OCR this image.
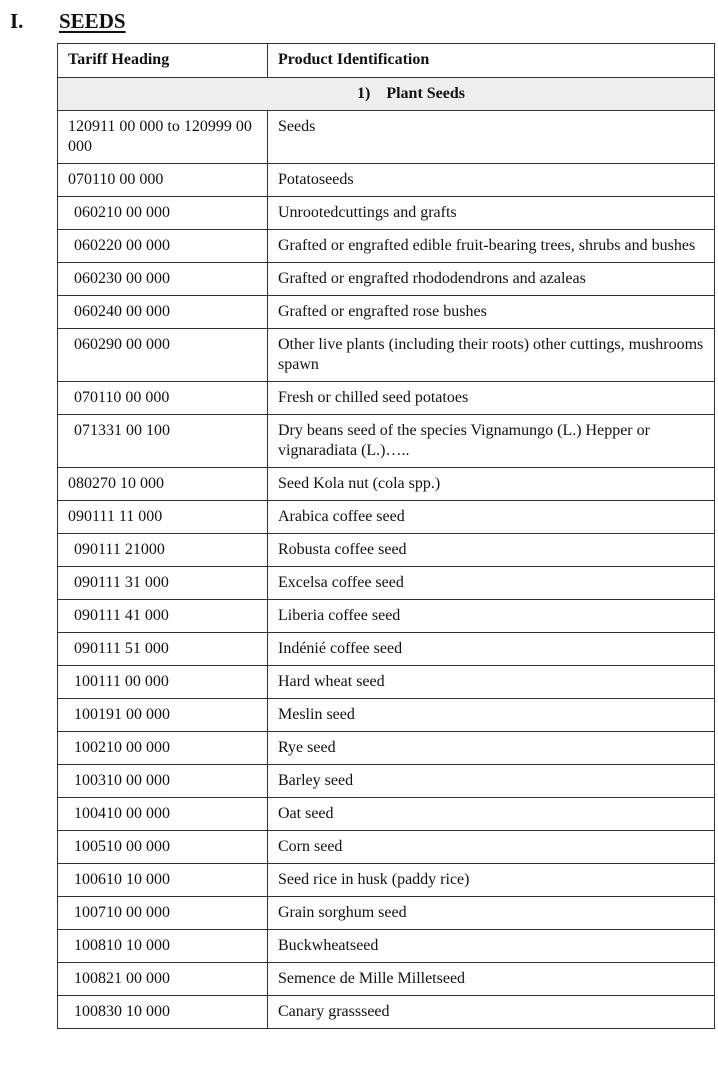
I. SEEDS
Tariff Heading	Product Identification
1) Plant Seeds	
120911 00 000 to 120999 00 000	Seeds
070110 00 000	Potatoseeds
060210 00 000	Unrootedcuttings and grafts
060220 00 000	Grafted or engrafted edible fruit-bearing trees, shrubs and bushes
060230 00 000	Grafted or engrafted rhododendrons and azaleas
060240 00 000	Grafted or engrafted rose bushes
060290 00 000	Other live plants (including their roots) other cuttings, mushrooms spawn
070110 00 000	Fresh or chilled seed potatoes
071331 00 100	Dry beans seed of the species Vignamungo (L.) Hepper or vignaradiata (L.)…..
080270 10 000	Seed Kola nut (cola spp.)
090111 11 000	Arabica coffee seed
090111 21000	Robusta coffee seed
090111 31 000	Excelsa coffee seed
090111 41 000	Liberia coffee seed
090111 51 000	Indénié coffee seed
100111 00 000	Hard wheat seed
100191 00 000	Meslin seed
100210 00 000	Rye seed
100310 00 000	Barley seed
100410 00 000	Oat seed
100510 00 000	Corn seed
100610 10 000	Seed rice in husk (paddy rice)
100710 00 000	Grain sorghum seed
100810 10 000	Buckwheatseed
100821 00 000	Semence de Mille Milletseed
100830 10 000	Canary grassseed
